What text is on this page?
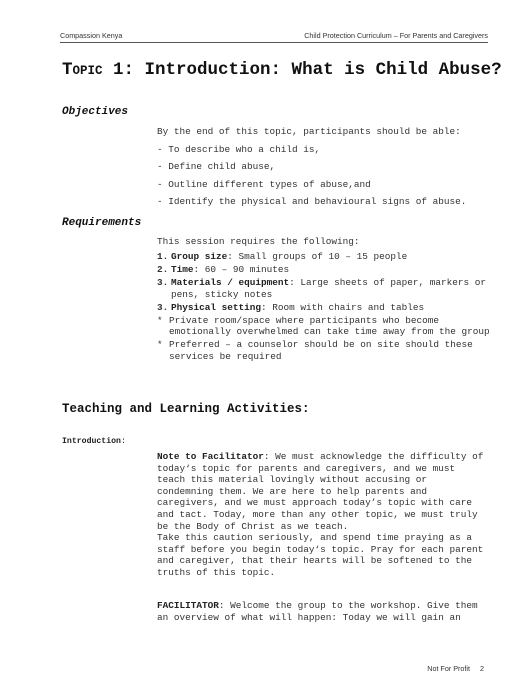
Compassion Kenya	Child Protection Curriculum – For Parents and Caregivers
TOPIC 1: Introduction: What is Child Abuse?
Objectives
By the end of this topic, participants should be able:
- To describe who a child is,
- Define child abuse,
- Outline different types of abuse,and
- Identify the physical and behavioural signs of abuse.
Requirements
This session requires the following:
1. Group size: Small groups of 10 – 15 people
2. Time: 60 – 90 minutes
3. Materials / equipment: Large sheets of paper, markers or pens, sticky notes
3. Physical setting: Room with chairs and tables
* Private room/space where participants who become emotionally overwhelmed can take time away from the group
* Preferred – a counselor should be on site should these services be required
Teaching and Learning Activities:
Introduction:
Note to Facilitator: We must acknowledge the difficulty of today‘s topic for parents and caregivers, and we must teach this material lovingly without accusing or condemning them. We are here to help parents and caregivers, and we must approach today’s topic with care and tact. Today, more than any other topic, we must truly be the Body of Christ as we teach.
Take this caution seriously, and spend time praying as a staff before you begin today‘s topic. Pray for each parent and caregiver, that their hearts will be softened to the truths of this topic.
FACILITATOR: Welcome the group to the workshop. Give them an overview of what will happen: Today we will gain an
Not For Profit 2
